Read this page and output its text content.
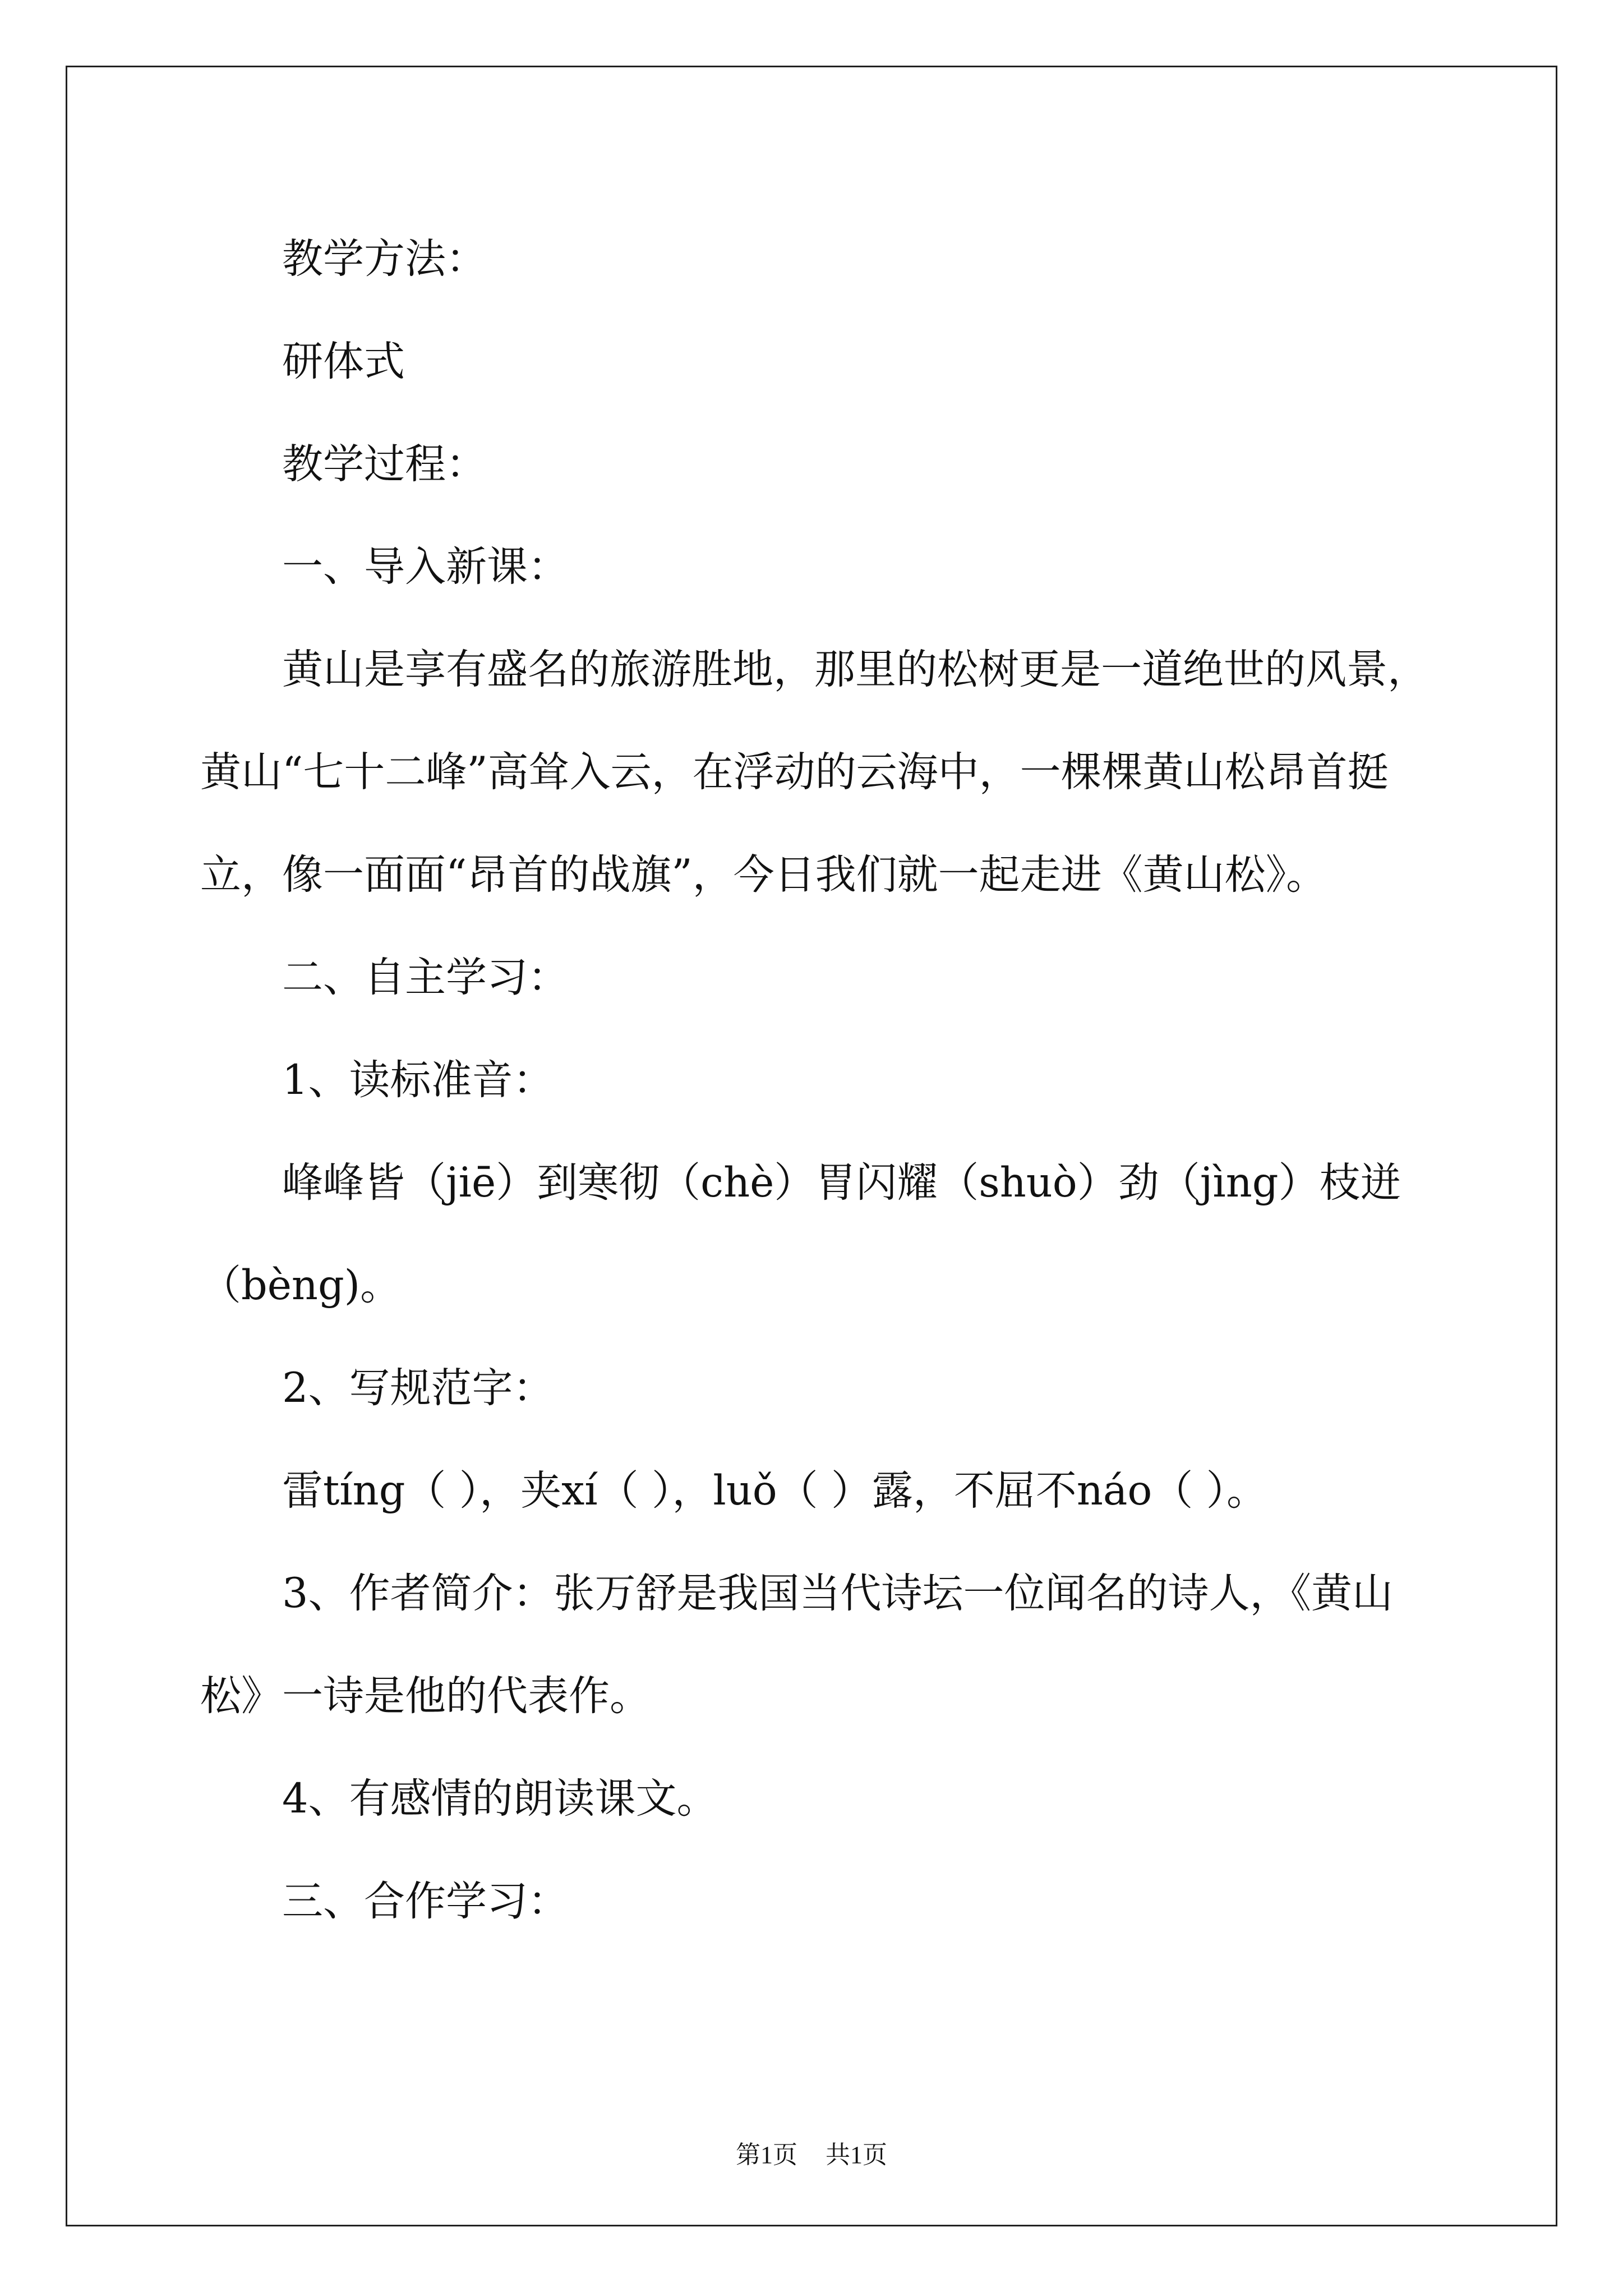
教学方法：

研体式

教学过程：

一、导入新课：

黄山是享有盛名的旅游胜地，那里的松树更是一道绝世的风景，黄山“七十二峰”高耸入云，在浮动的云海中，一棵棵黄山松昂首挺立，像一面面“昂首的战旗”，今日我们就一起走进《黄山松》。

二、自主学习：

1、读标准音：

峰峰皆（jiē）到寒彻（chè）胃闪耀（shuò）劲（jìng）枝迸（bèng)。

2、写规范字：

雷tíng（ ），夹xí（ ），luǒ（ ）露，不屈不náo（ ）。

3、作者简介：张万舒是我国当代诗坛一位闻名的诗人，《黄山松》一诗是他的代表作。

4、有感情的朗读课文。

三、合作学习：

第1页 共1页
